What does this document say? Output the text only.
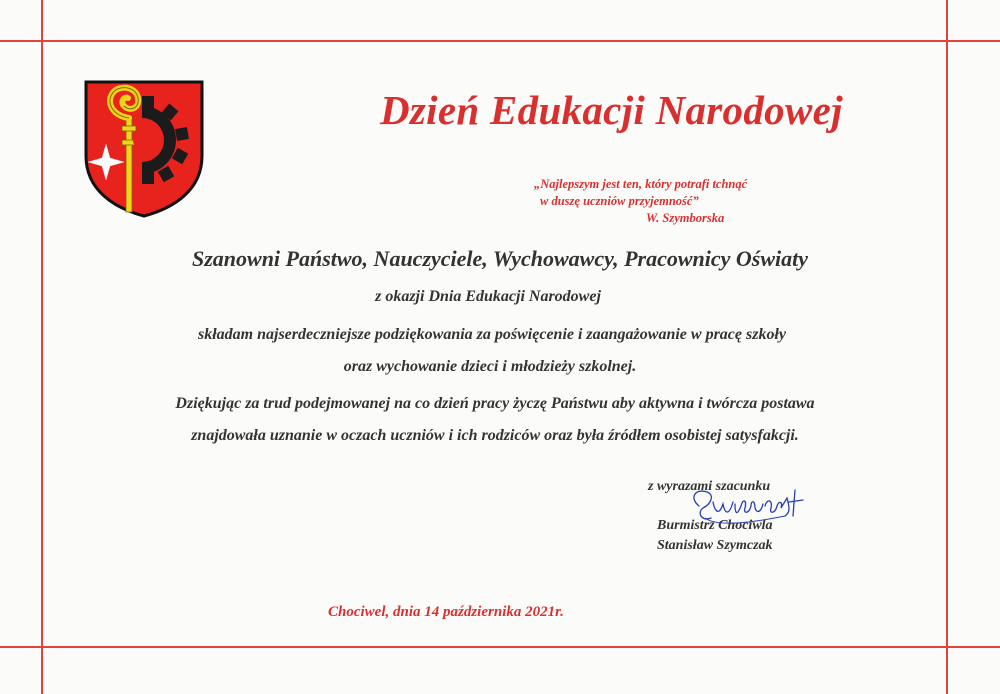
Dzień Edukacji Narodowej
„Najlepszym jest ten, który potrafi tchnąć
w duszę uczniów przyjemność”
W. Szymborska
Szanowni Państwo, Nauczyciele, Wychowawcy, Pracownicy Oświaty
z okazji Dnia Edukacji Narodowej
składam najserdeczniejsze podziękowania za poświęcenie i zaangażowanie w pracę szkoły
oraz wychowanie dzieci i młodzieży szkolnej.
Dziękując za trud podejmowanej na co dzień pracy życzę Państwu aby aktywna i twórcza postawa
znajdowała uznanie w oczach uczniów i ich rodziców oraz była źródłem osobistej satysfakcji.
z wyrazami szacunku
Burmistrz Chociwla
Stanisław Szymczak
Chociwel, dnia 14 października 2021r.
